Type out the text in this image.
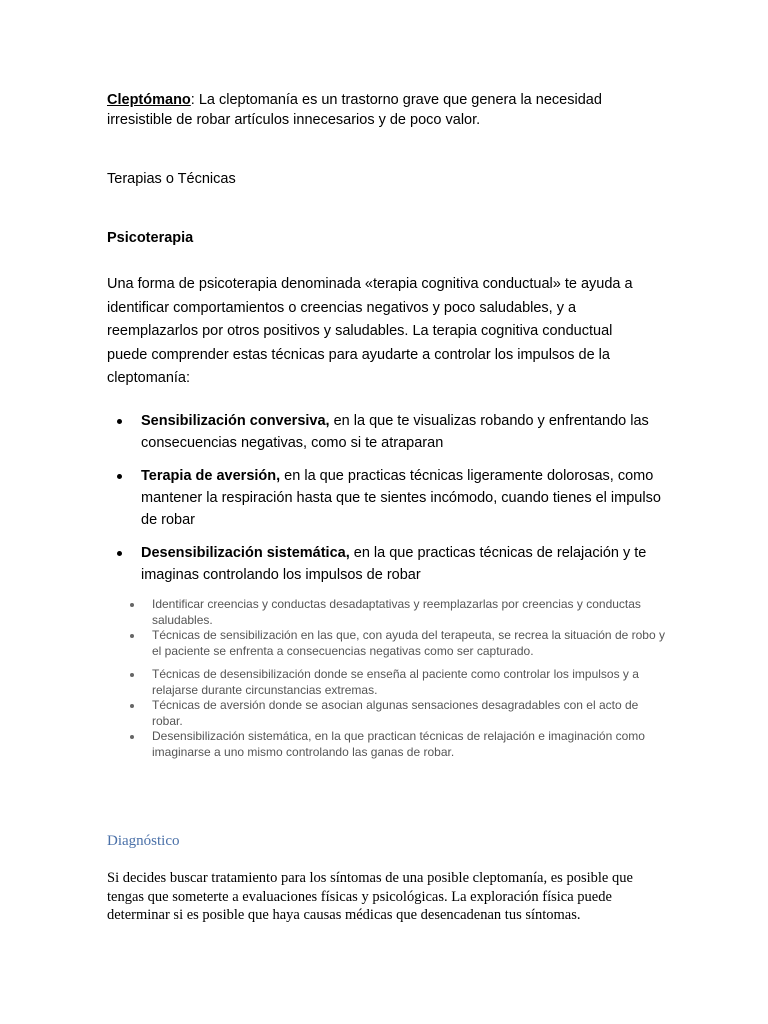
Cleptómano: La cleptomanía es un trastorno grave que genera la necesidad irresistible de robar artículos innecesarios y de poco valor.

Terapias o Técnicas

Psicoterapia

Una forma de psicoterapia denominada «terapia cognitiva conductual» te ayuda a identificar comportamientos o creencias negativos y poco saludables, y a reemplazarlos por otros positivos y saludables. La terapia cognitiva conductual puede comprender estas técnicas para ayudarte a controlar los impulsos de la cleptomanía:

Sensibilización conversiva, en la que te visualizas robando y enfrentando las consecuencias negativas, como si te atraparan
Terapia de aversión, en la que practicas técnicas ligeramente dolorosas, como mantener la respiración hasta que te sientes incómodo, cuando tienes el impulso de robar
Desensibilización sistemática, en la que practicas técnicas de relajación y te imaginas controlando los impulsos de robar
Identificar creencias y conductas desadaptativas y reemplazarlas por creencias y conductas saludables.
Técnicas de sensibilización en las que, con ayuda del terapeuta, se recrea la situación de robo y el paciente se enfrenta a consecuencias negativas como ser capturado.
Técnicas de desensibilización donde se enseña al paciente como controlar los impulsos y a relajarse durante circunstancias extremas.
Técnicas de aversión donde se asocian algunas sensaciones desagradables con el acto de robar.
Desensibilización sistemática, en la que practican técnicas de relajación e imaginación como imaginarse a uno mismo controlando las ganas de robar.

Diagnóstico

Si decides buscar tratamiento para los síntomas de una posible cleptomanía, es posible que tengas que someterte a evaluaciones físicas y psicológicas. La exploración física puede determinar si es posible que haya causas médicas que desencadenan tus síntomas.
